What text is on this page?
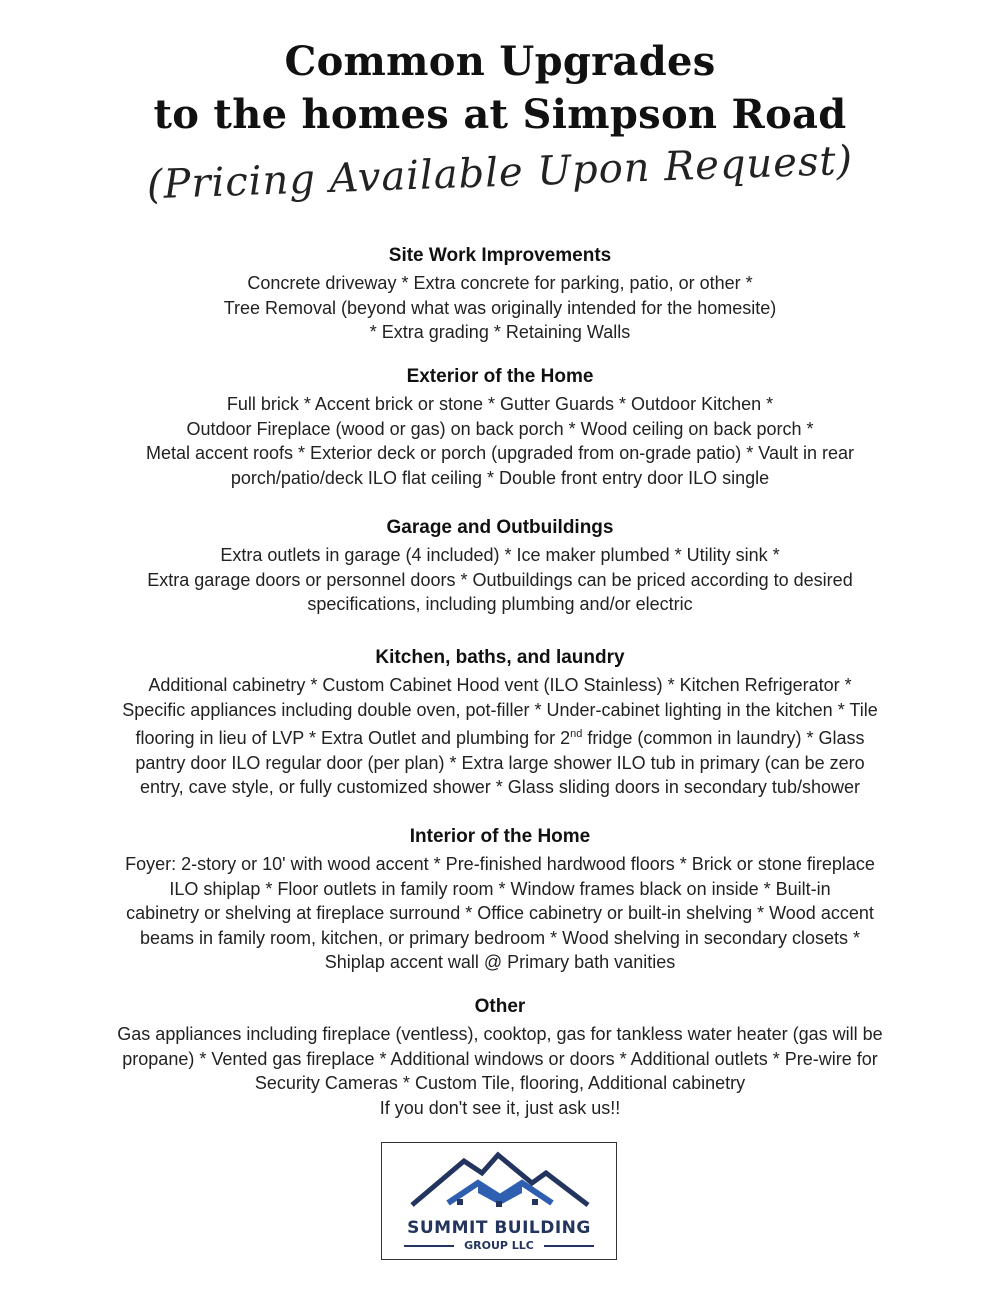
Common Upgrades
to the homes at Simpson Road
(Pricing Available Upon Request)
Site Work Improvements
Concrete driveway * Extra concrete for parking, patio, or other *
Tree Removal (beyond what was originally intended for the homesite)
* Extra grading * Retaining Walls
Exterior of the Home
Full brick * Accent brick or stone * Gutter Guards * Outdoor Kitchen *
Outdoor Fireplace (wood or gas) on back porch * Wood ceiling on back porch *
Metal accent roofs * Exterior deck or porch (upgraded from on-grade patio) * Vault in rear
porch/patio/deck ILO flat ceiling * Double front entry door ILO single
Garage and Outbuildings
Extra outlets in garage (4 included) * Ice maker plumbed * Utility sink *
Extra garage doors or personnel doors * Outbuildings can be priced according to desired
specifications, including plumbing and/or electric
Kitchen, baths, and laundry
Additional cabinetry * Custom Cabinet Hood vent (ILO Stainless) * Kitchen Refrigerator *
Specific appliances including double oven, pot-filler * Under-cabinet lighting in the kitchen * Tile
flooring in lieu of LVP * Extra Outlet and plumbing for 2nd fridge (common in laundry) * Glass
pantry door ILO regular door (per plan) * Extra large shower ILO tub in primary (can be zero
entry, cave style, or fully customized shower * Glass sliding doors in secondary tub/shower
Interior of the Home
Foyer: 2-story or 10' with wood accent * Pre-finished hardwood floors * Brick or stone fireplace
ILO shiplap * Floor outlets in family room * Window frames black on inside * Built-in
cabinetry or shelving at fireplace surround * Office cabinetry or built-in shelving * Wood accent
beams in family room, kitchen, or primary bedroom * Wood shelving in secondary closets *
Shiplap accent wall @ Primary bath vanities
Other
Gas appliances including fireplace (ventless), cooktop, gas for tankless water heater (gas will be
propane) * Vented gas fireplace * Additional windows or doors * Additional outlets * Pre-wire for
Security Cameras * Custom Tile, flooring, Additional cabinetry
If you don't see it, just ask us!!
SUMMIT BUILDING
GROUP LLC
